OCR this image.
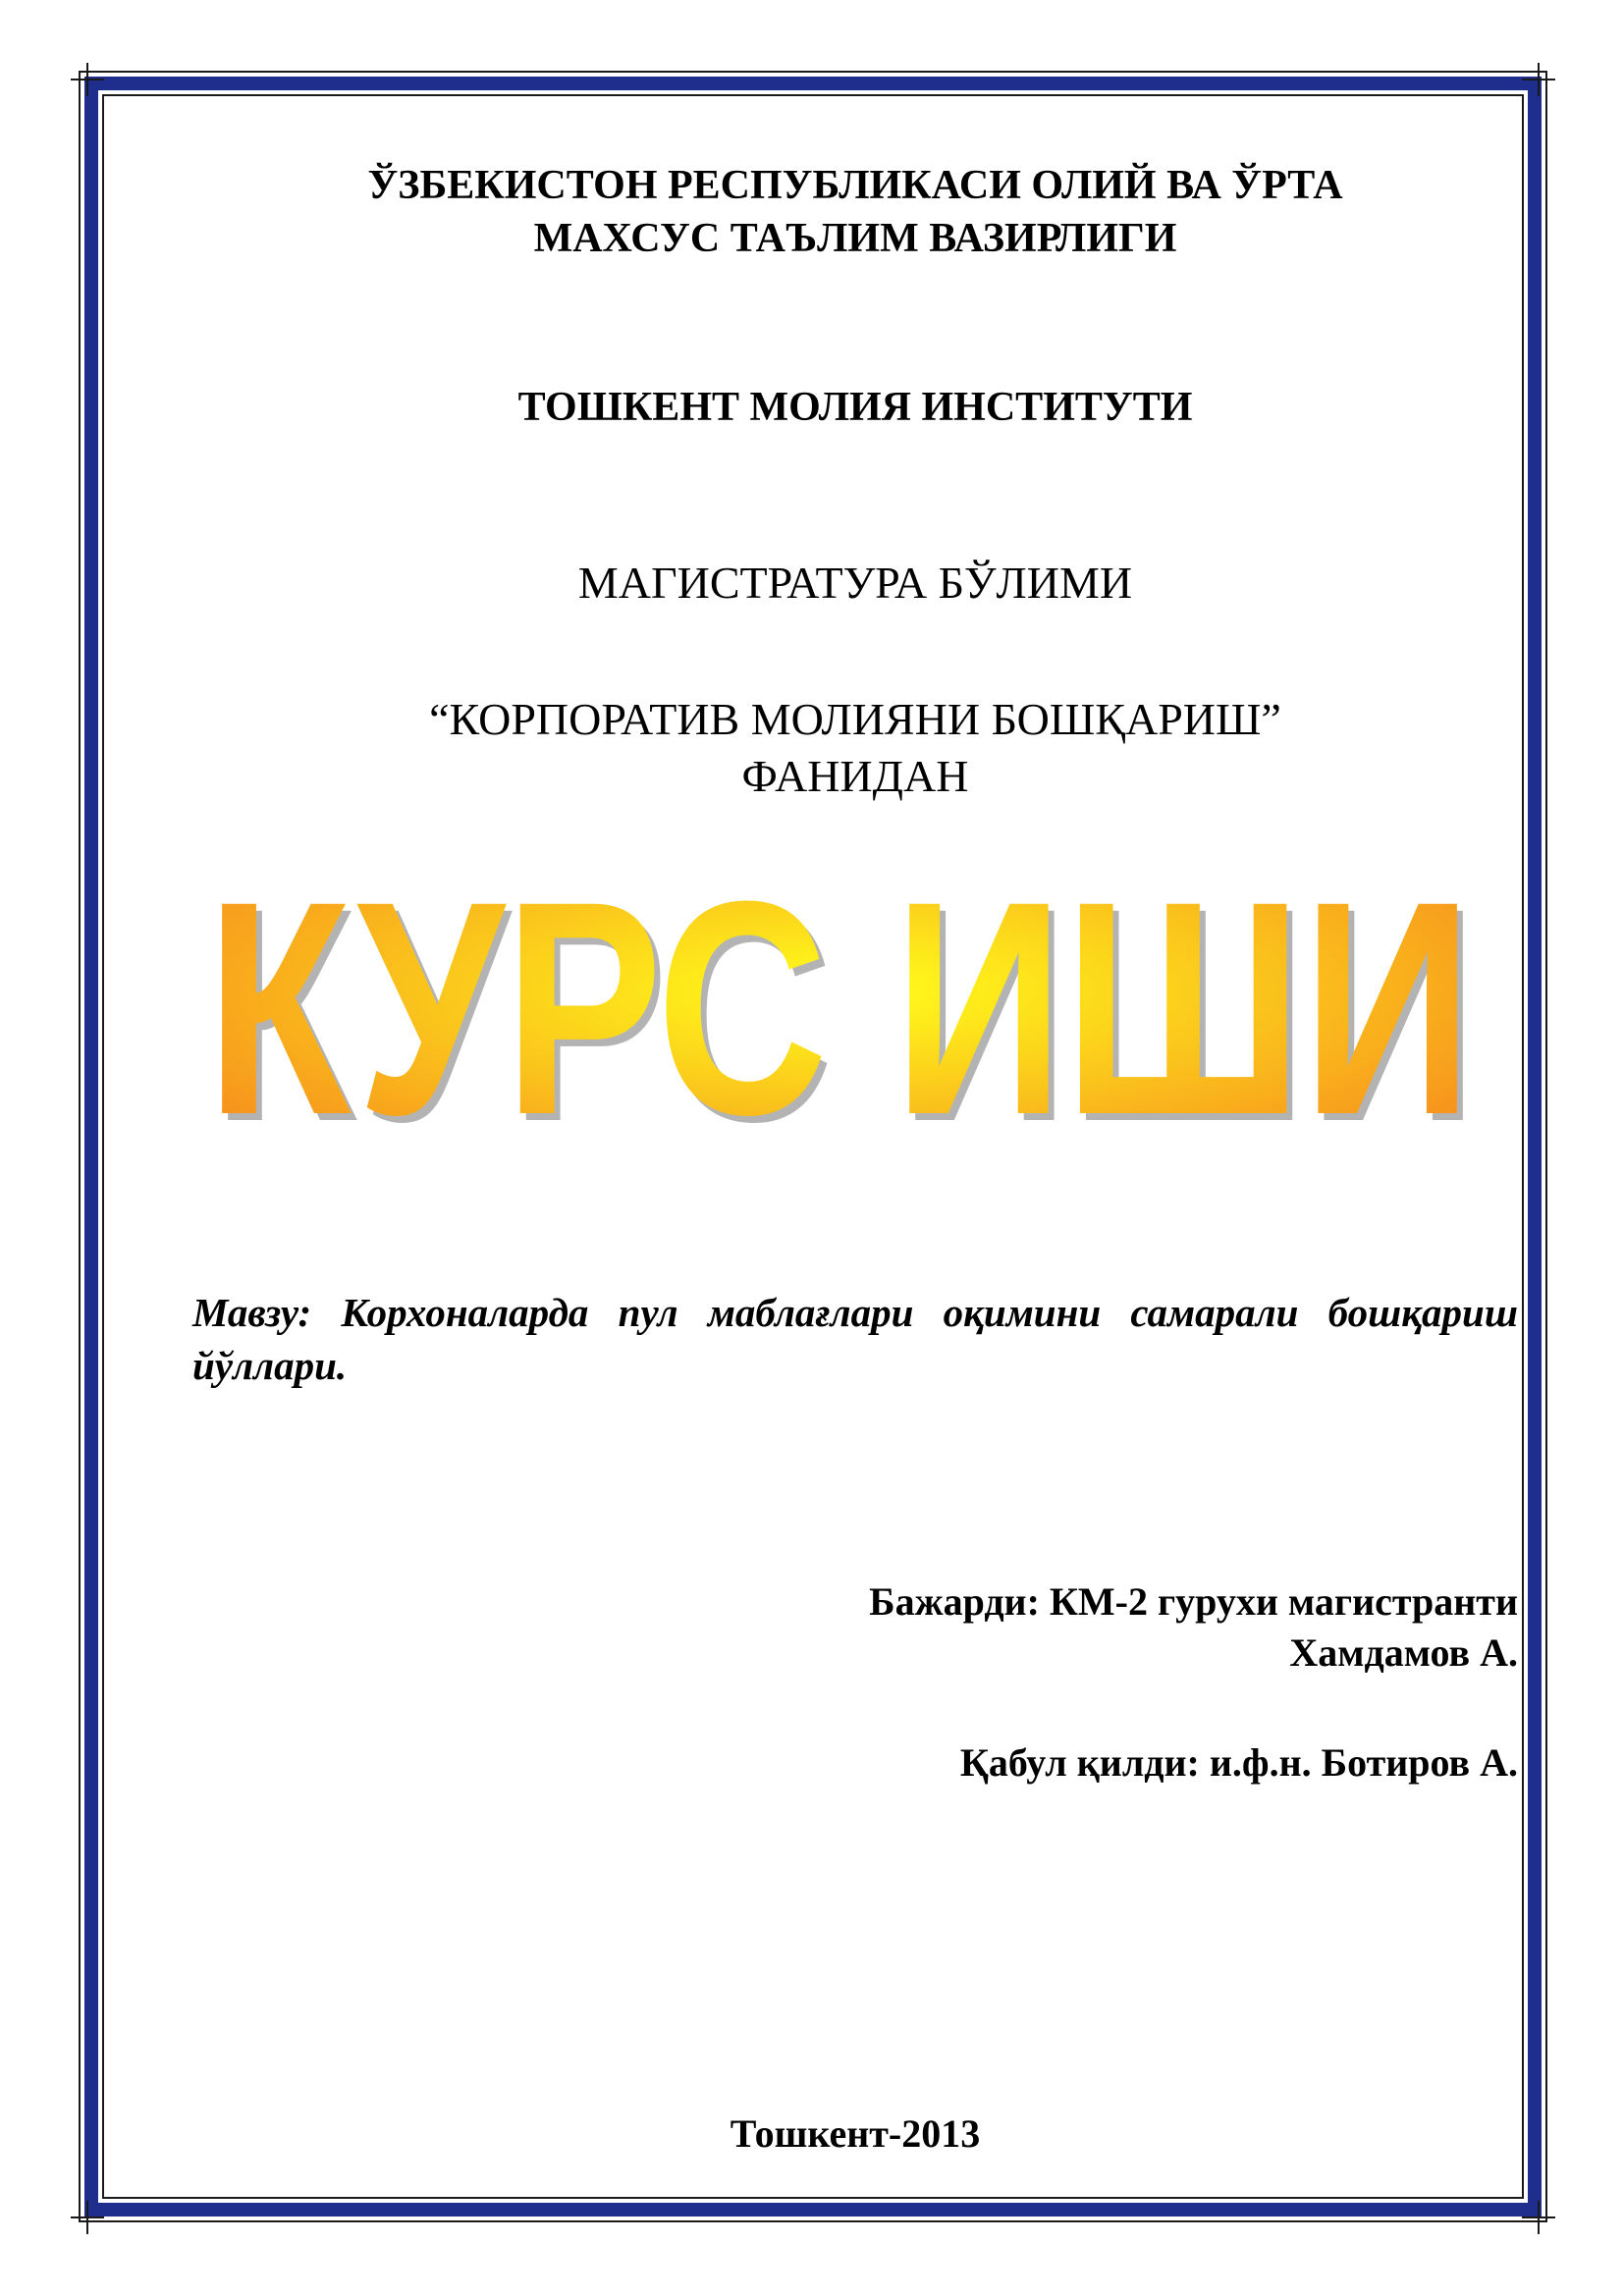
ЎЗБЕКИСТОН РЕСПУБЛИКАСИ ОЛИЙ ВА ЎРТА
МАХСУС ТАЪЛИМ ВАЗИРЛИГИ
ТОШКЕНТ МОЛИЯ ИНСТИТУТИ
МАГИСТРАТУРА БЎЛИМИ
“КОРПОРАТИВ МОЛИЯНИ БОШҚАРИШ”
ФАНИДАН
КУРС ИШИ
КУРС ИШИ
Мавзу: Корхоналарда пул маблағлари оқимини самарали бошқариш йўллари.
Бажарди: КМ-2 гурухи магистранти
Хамдамов А.
Қабул қилди: и.ф.н. Ботиров А.
Тошкент-2013
